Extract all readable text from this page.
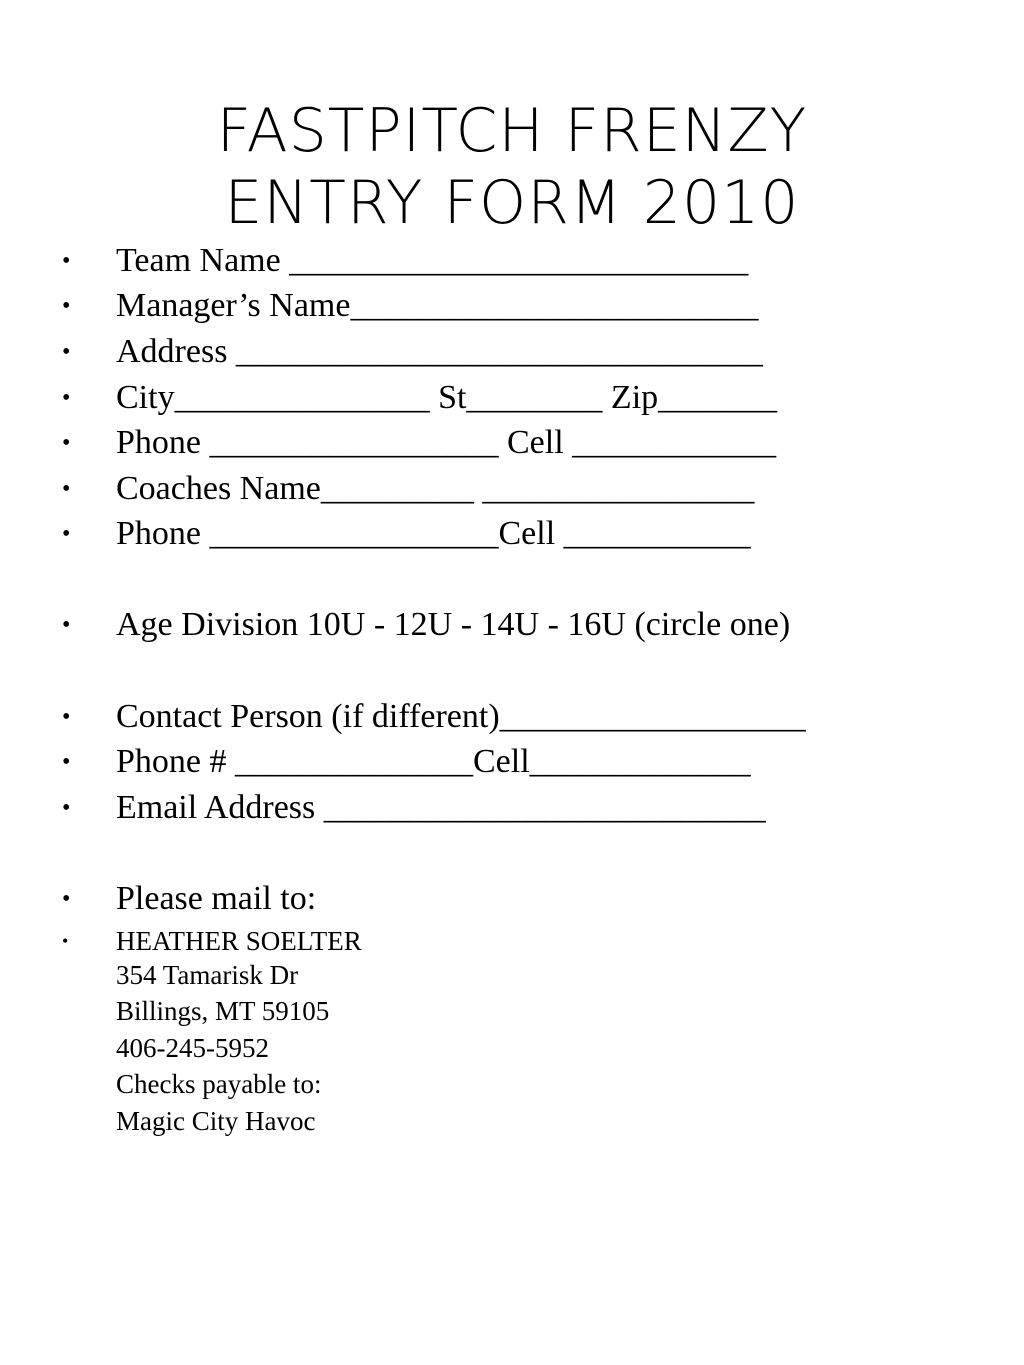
FASTPITCH FRENZY
ENTRY FORM 2010
• Team Name ___________________________
• Manager’s Name________________________
• Address _______________________________
• City_______________ St________ Zip_______
• Phone _________________ Cell ____________
• Coaches Name_________ ________________
• Phone _________________Cell ___________
• Age Division 10U - 12U - 14U - 16U (circle one)
• Contact Person (if different)__________________
• Phone # ______________Cell_____________
• Email Address __________________________
• Please mail to:
• HEATHER SOELTER
354 Tamarisk Dr
Billings, MT 59105
406-245-5952
Checks payable to:
Magic City Havoc
